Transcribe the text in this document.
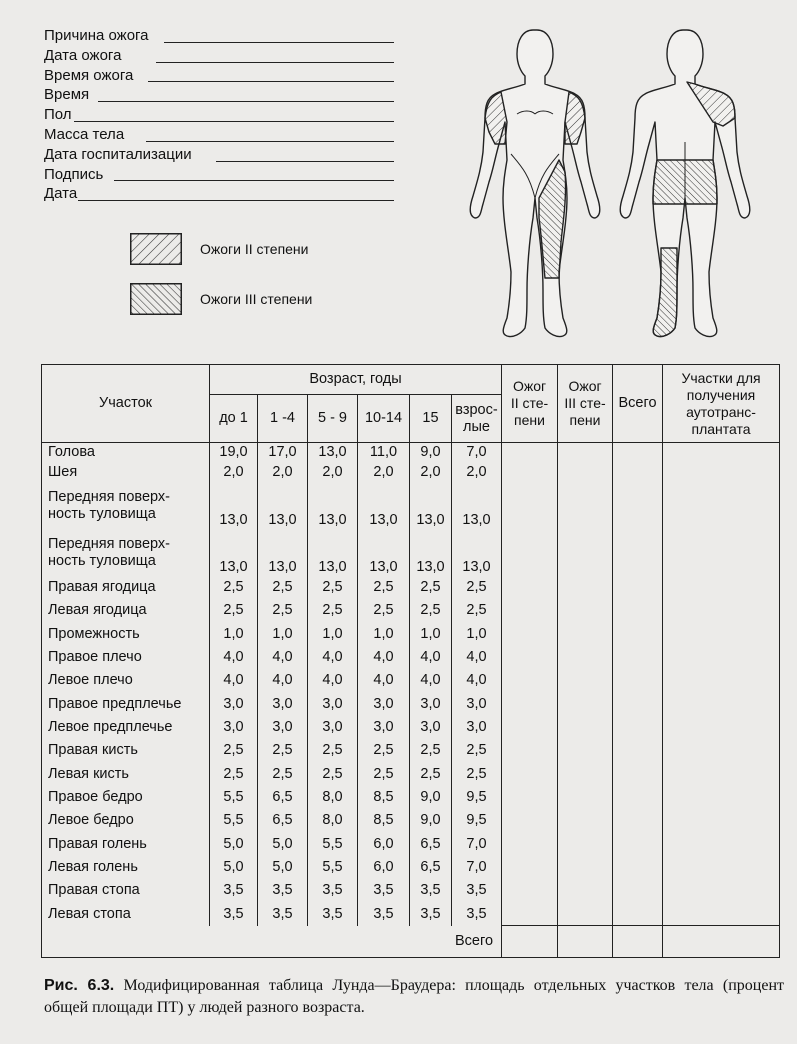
Причина ожога
Дата ожога
Время ожога
Время
Пол
Масса тела
Дата госпитализации
Подпись
Дата
Ожоги II степени
Ожоги III степени
Участок	Возраст, годы						Ожог
II сте-
пени	Ожог
III сте-
пени	Всего	Участки для
получения
аутотранс-
плантата
	до 1	1 -4	5 - 9	10-14	15	взрос-
лые				
Голова	19,0	17,0	13,0	11,0	9,0	7,0				
Шея	2,0	2,0	2,0	2,0	2,0	2,0				
Передняя поверх-
ность туловища	13,0	13,0	13,0	13,0	13,0	13,0				
Передняя поверх-
ность туловища	13,0	13,0	13,0	13,0	13,0	13,0				
Правая ягодица	2,5	2,5	2,5	2,5	2,5	2,5				
Левая ягодица	2,5	2,5	2,5	2,5	2,5	2,5				
Промежность	1,0	1,0	1,0	1,0	1,0	1,0				
Правое плечо	4,0	4,0	4,0	4,0	4,0	4,0				
Левое плечо	4,0	4,0	4,0	4,0	4,0	4,0				
Правое предплечье	3,0	3,0	3,0	3,0	3,0	3,0				
Левое предплечье	3,0	3,0	3,0	3,0	3,0	3,0				
Правая кисть	2,5	2,5	2,5	2,5	2,5	2,5				
Левая кисть	2,5	2,5	2,5	2,5	2,5	2,5				
Правое бедро	5,5	6,5	8,0	8,5	9,0	9,5				
Левое бедро	5,5	6,5	8,0	8,5	9,0	9,5				
Правая голень	5,0	5,0	5,5	6,0	6,5	7,0				
Левая голень	5,0	5,0	5,5	6,0	6,5	7,0				
Правая стопа	3,5	3,5	3,5	3,5	3,5	3,5				
Левая стопа	3,5	3,5	3,5	3,5	3,5	3,5				
Всего										
Рис. 6.3. Модифицированная таблица Лунда—Браудера: площадь отдельных участков тела (процент общей площади ПТ) у людей разного возраста.
